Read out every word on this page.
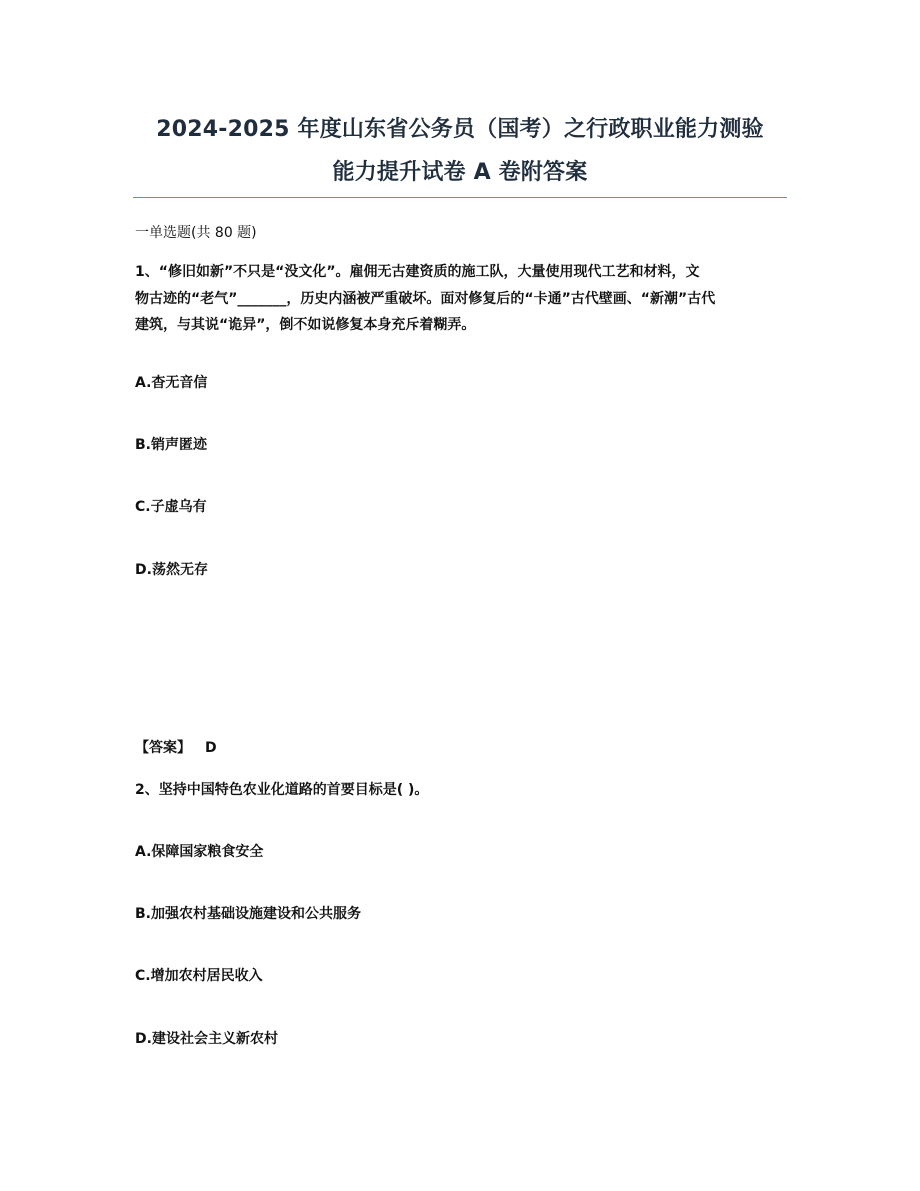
2024-2025 年度山东省公务员（国考）之行政职业能力测验
能力提升试卷 A 卷附答案
一单选题(共 80 题)
1、“修旧如新”不只是“没文化”。雇佣无古建资质的施工队，大量使用现代工艺和材料，文
物古迹的“老气”_______，历史内涵被严重破坏。面对修复后的“卡通”古代壁画、“新潮”古代
建筑，与其说“诡异”，倒不如说修复本身充斥着糊弄。
A.杳无音信
B.销声匿迹
C.子虚乌有
D.荡然无存
【答案】 D
2、坚持中国特色农业化道路的首要目标是( )。
A.保障国家粮食安全
B.加强农村基础设施建设和公共服务
C.增加农村居民收入
D.建设社会主义新农村
